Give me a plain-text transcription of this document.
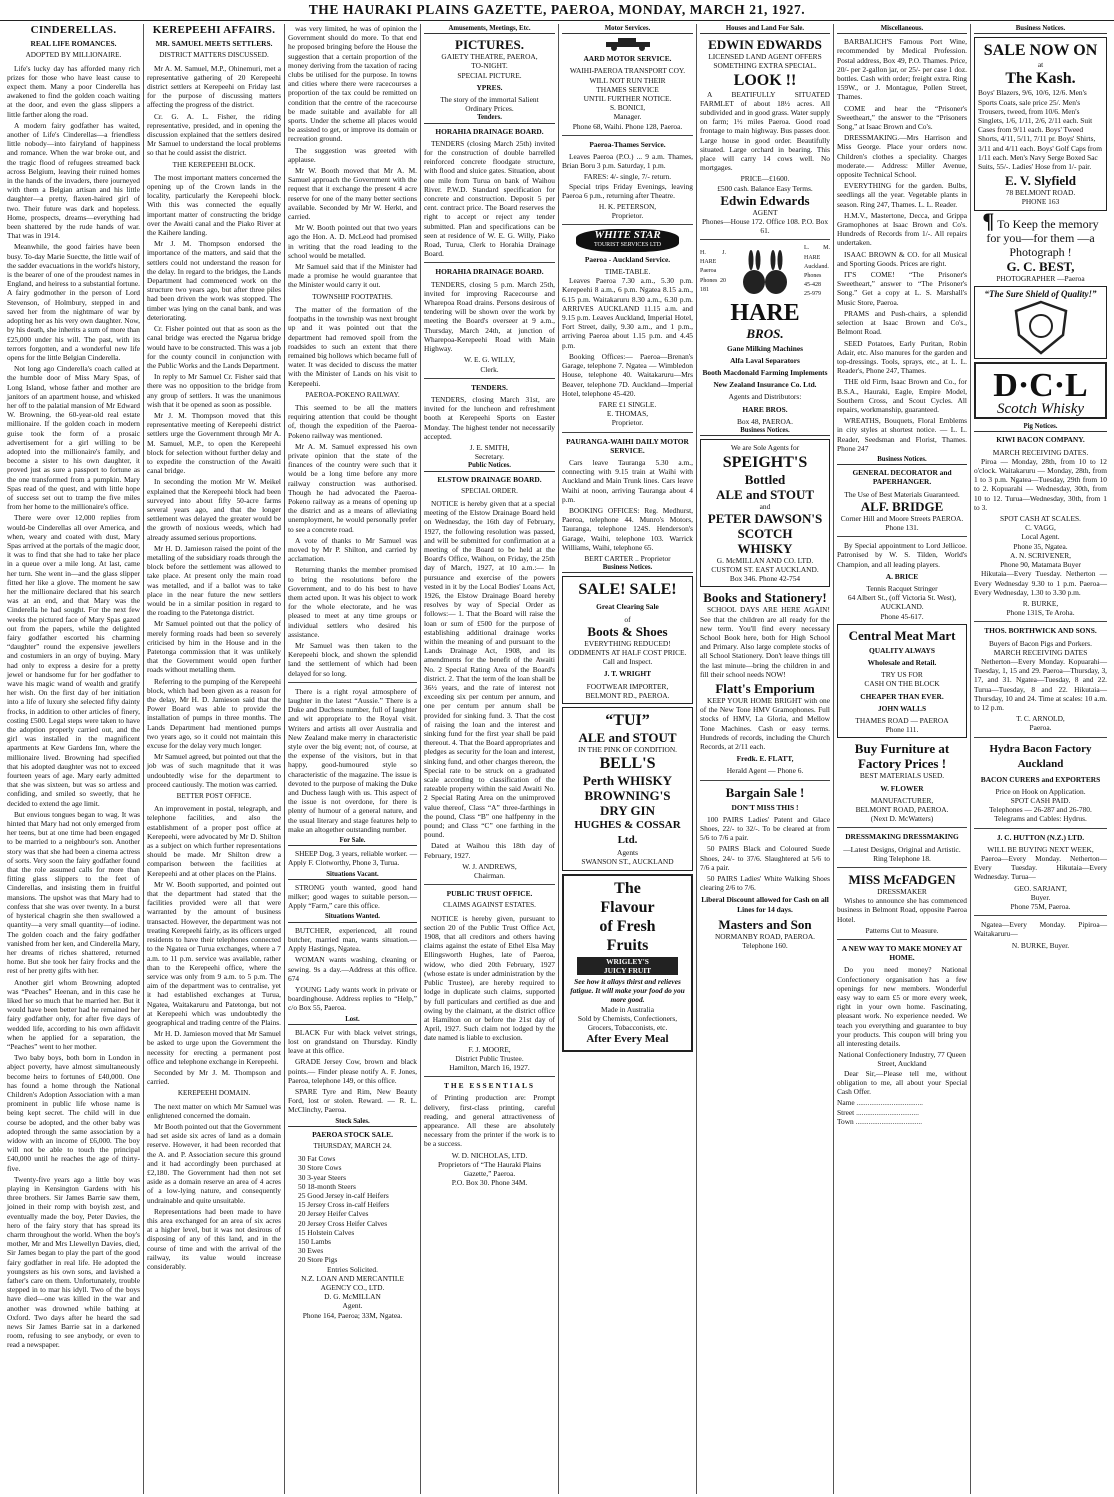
THE HAURAKI PLAINS GAZETTE, PAEROA, MONDAY, MARCH 21, 1927.
CINDERELLAS.
REAL LIFE ROMANCES.
ADOPTED BY MILLIONAIRE.

Life's lucky day has afforded many rich prizes for those who have least cause to expect them. Many a poor Cinderella has awakened to find the golden coach waiting at the door, and even the glass slippers a little farther along the road.

A modern fairy godfather has waited, another of Life's Cinderellas—a friendless little nobody—into fairyland of happiness and romance. When the war broke out, and the tragic flood of refugees streamed back across Belgium, leaving their ruined homes in the hands of the invaders, there journeyed with them a Belgian artisan and his little daughter—a pretty, flaxen-haired girl of two. Their future was dark and hopeless. Home, prospects, dreams—everything had been shattered by the rude hands of war. That was in 1914.

Meanwhile, the good fairies have been busy. To-day Marie Suectte, the little waif of the sadder evacuations in the world's history, is the bearer of one of the proudest names in England, and heiress to a substantial fortune. A fairy godmother in the person of Lord Stevenson, of Holmbury, stepped in and saved her from the nightmare of war by adopting her as his very own daughter. Now, by his death, she inherits a sum of more than £25,000 under his will. The past, with its terrors forgotten, and a wonderful new life opens for the little Belgian Cinderella.

Not long ago Cinderella's coach called at the humble door of Miss Mary Spas, of Long Island, whose father and mother are janitors of an apartment house, and whisked her off to the palatial mansion of Mr Edward W. Browning, the 60-year-old real estate millionaire. If the golden coach in modern guise took the form of a prosaic advertisement for a girl willing to be adopted into the millionaire's family, and become a sister to his own daughter, it proved just as sure a passport to fortune as the one transformed from a pumpkin. Mary Spas read of the quest, and with little hope of success set out to tramp the five miles from her home to the millionaire's office.

There were over 12,000 replies from would-be Cinderellas all over America, and when, weary and coated with dust, Mary Spas arrived at the portals of the magic door, it was to find that she had to take her place in a queue over a mile long. At last, came her turn. She went in—and the glass slipper fitted her like a glove. The moment he saw her the millionaire declared that his search was at an end, and that Mary was the Cinderella he had sought. For the next few weeks the pictured face of Mary Spas gazed out from the papers, while the delighted fairy godfather escorted his charming “daughter” round the expensive jewellers and costumiers in an orgy of buying. Mary had only to express a desire for a pretty jewel or handsome fur for her godfather to wave his magic wand of wealth and gratify her wish. On the first day of her initiation into a life of luxury she selected fifty dainty frocks, in addition to other articles of finery, costing £500. Legal steps were taken to have the adoption properly carried out, and the girl was installed in the magnificent apartments at Kew Gardens Inn, where the millionaire lived. Browning had specified that his adopted daughter was not to exceed fourteen years of age. Mary early admitted that she was sixteen, but was so artless and confiding, and smiled so sweetly, that he decided to extend the age limit.

But envious tongues began to wag. It was hinted that Mary had not only emerged from her teens, but at one time had been engaged to be married to a neighbour's son. Another story was that she had been a cinema actress of sorts. Very soon the fairy godfather found that the role assumed calls for more than fitting glass slippers to the feet of Cinderellas, and insisting them in fruitful mansions. The upshot was that Mary had to confess that she was over twenty. In a burst of hysterical chagrin she then swallowed a quantity—a very small quantity—of iodine. The golden coach and the fairy godfather vanished from her ken, and Cinderella Mary, her dreams of riches shattered, returned home. But she took her fairy frocks and the rest of her pretty gifts with her.

Another girl whom Browning adopted was “Peaches” Heenan, and in this case he liked her so much that he married her. But it would have been better had he remained her fairy godfather only, for after five days of wedded life, according to his own affidavit when he applied for a separation, the “Peaches” went to her mother.

Two baby boys, both born in London in abject poverty, have almost simultaneously become heirs to fortunes of £40,000. One has found a home through the National Children's Adoption Association with a man prominent in public life whose name is being kept secret. The child will in due course be adopted, and the other baby was adopted through the same association by a widow with an income of £6,000. The boy will not be able to touch the principal £40,000 until he reaches the age of thirty-five.

Twenty-five years ago a little boy was playing in Kensington Gardens with his three brothers. Sir James Barrie saw them, joined in their romp with boyish zest, and eventually made the boy, Peter Davies, the hero of the fairy story that has spread its charm throughout the world. When the boy's mother, Mr and Mrs Llewellyn Davies, died, Sir James began to play the part of the good fairy godfather in real life. He adopted the youngsters as his own sons, and lavished a father's care on them. Unfortunately, trouble stepped in to mar his idyll. Two of the boys have died—one was killed in the war and another was drowned while bathing at Oxford. Two days after he heard the sad news Sir James Barrie sat in a darkened room, refusing to see anybody, or even to read a newspaper.

KEREPEEHI AFFAIRS.
MR. SAMUEL MEETS SETTLERS.
DISTRICT MATTERS DISCUSSED.

Mr A. M. Samuel, M.P., Ohinemuri, met a representative gathering of 20 Kerepeehi district settlers at Kerepeehi on Friday last for the purpose of discussing matters affecting the progress of the district.

Cr. G. A. L. Fisher, the riding representative, presided, and in opening the discussion explained that the settlers desired Mr Samuel to understand the local problems so that he could assist the district.

THE KEREPEEHI BLOCK.

The most important matters concerned the opening up of the Crown lands in the locality, particularly the Kerepeehi block. With this was connected the equally important matter of constructing the bridge over the Awaiti canal and the Piako River at the Kaihere landing.

Mr J. M. Thompson endorsed the importance of the matters, and said that the settlers could not understand the reason for the delay. In regard to the bridges, the Lands Department had commenced work on the structure two years ago, but after three piles had been driven the work was stopped. The timber was lying on the canal bank, and was deteriorating.

Cr. Fisher pointed out that as soon as the canal bridge was erected the Ngarua bridge would have to be constructed. This was a job for the county council in conjunction with the Public Works and the Lands Department.

In reply to Mr Samuel Cr. Fisher said that there was no opposition to the bridge from any group of settlers. It was the unanimous wish that it be opened as soon as possible.

Mr J. M. Thompson moved that this representative meeting of Kerepeehi district settlers urge the Government through Mr A. M. Samuel, M.P., to open the Kerepeehi block for selection without further delay and to expedite the construction of the Awaiti canal bridge.

In seconding the motion Mr W. Meikel explained that the Kerepeehi block had been surveyed into about fifty 50-acre farms several years ago, and that the longer settlement was delayed the greater would be the growth of noxious weeds, which had already assumed serious proportions.

Mr H. D. Jamieson raised the point of the metalling of the subsidiary roads through the block before the settlement was allowed to take place. At present only the main road was metalled, and if a ballot was to take place in the near future the new settlers would be in a similar position in regard to the roading to the Patetonga district.

Mr Samuel pointed out that the policy of merely forming roads had been so severely criticised by him in the House and in the Patetonga commission that it was unlikely that the Government would open further roads without metalling them.

Referring to the pumping of the Kerepeehi block, which had been given as a reason for the delay, Mr H. D. Jamieson said that the Power Board was able to provide the installation of pumps in three months. The Lands Department had mentioned pumps two years ago, so it could not maintain this excuse for the delay very much longer.

Mr Samuel agreed, but pointed out that the job was of such magnitude that it was undoubtedly wise for the department to proceed cautiously. The motion was carried.

BETTER POST OFFICE.

An improvement in postal, telegraph, and telephone facilities, and also the establishment of a proper post office at Kerepeehi, were advocated by Mr D. Shilton as a subject on which further representations should be made. Mr Shilton drew a comparison between the facilities at Kerepeehi and at other places on the Plains.

Mr W. Booth supported, and pointed out that the department had stated that the facilities provided were all that were warranted by the amount of business transacted. However, the department was not treating Kerepeehi fairly, as its officers urged residents to have their telephones connected to the Ngatea or Turua exchanges, where a 7 a.m. to 11 p.m. service was available, rather than to the Kerepeehi office, where the service was only from 9 a.m. to 5 p.m. The aim of the department was to centralise, yet it had established exchanges at Turua, Ngatea, Waitakaruru and Patetonga, but not at Kerepeehi which was undoubtedly the geographical and trading centre of the Plains.

Mr H. D. Jamieson moved that Mr Samuel be asked to urge upon the Government the necessity for erecting a permanent post office and telephone exchange in Kerepeehi.

Seconded by Mr J. M. Thompson and carried.

KEREPEEHI DOMAIN.

The next matter on which Mr Samuel was enlightened concerned the domain.

Mr Booth pointed out that the Government had set aside six acres of land as a domain reserve. However, it had been recorded that the A. and P. Association secure this ground and it had accordingly been purchased at £2,180. The Government had then not set aside as a domain reserve an area of 4 acres of a low-lying nature, and consequently undrainable and quite unsuitable.

Representations had been made to have this area exchanged for an area of six acres at a higher level, but it was not desirous of disposing of any of this land, and in the course of time and with the arrival of the railway, its value would increase considerably.

was very limited, he was of opinion the Government should do more. To that end he proposed bringing before the House the suggestion that a certain proportion of the money deriving from the taxation of racing clubs be utilised for the purpose. In towns and cities where there were racecourses a proportion of the tax could be remitted on condition that the centre of the racecourse be made suitable and available for all sports. Under the scheme all places would be assisted to get, or improve its domain or recreation ground.

The suggestion was greeted with applause.

Mr W. Booth moved that Mr A. M. Samuel approach the Government with the request that it exchange the present 4 acre reserve for one of the many better sections available. Seconded by Mr W. Herkt, and carried.

Mr W. Booth pointed out that two years ago the Hon. A. D. McLeod had promised in writing that the road leading to the school would be metalled.

Mr Samuel said that if the Minister had made a promise he would guarantee that the Minister would carry it out.

TOWNSHIP FOOTPATHS.

The matter of the formation of the footpaths in the township was next brought up and it was pointed out that the department had removed spoil from the roadsides to such an extent that there remained big hollows which became full of water. It was decided to discuss the matter with the Minister of Lands on his visit to Kerepeehi.

PAEROA-POKENO RAILWAY.

This seemed to be all the matters requiring attention that could be thought of, though the expedition of the Paeroa-Pokeno railway was mentioned.

Mr A. M. Samuel expressed his own private opinion that the state of the finances of the country were such that it would be a long time before any more railway construction was authorised. Though he had advocated the Paeroa-Pokeno railway as a means of opening up the district and as a means of alleviating unemployment, he would personally prefer to see a concrete road.

A vote of thanks to Mr Samuel was moved by Mr P. Shilton, and carried by acclamation.

Returning thanks the member promised to bring the resolutions before the Government, and to do his best to have them acted upon. It was his object to work for the whole electorate, and he was pleased to meet at any time groups or individual settlers who desired his assistance.

Mr Samuel was then taken to the Kerepeehi block, and shown the splendid land the settlement of which had been delayed for so long.

There is a right royal atmosphere of laughter in the latest “Aussie.” There is a Duke and Duchess number, full of laughter and wit appropriate to the Royal visit. Writers and artists all over Australia and New Zealand make merry in characteristic style over the big event; not, of course, at the expense of the visitors, but in that happy, good-humoured style so characteristic of the magazine. The issue is devoted to the purpose of making the Duke and Duchess laugh with us. This aspect of the issue is not overdone, for there is plenty of humour of a general nature, and the usual literary and stage features help to make an altogether outstanding number.

For Sale.

SHEEP Dog, 3 years, reliable worker. — Apply F. Clotworthy, Phone 3, Turua.

Situations Vacant.

STRONG youth wanted, good hand milker; good wages to suitable person.—Apply “Farm,” care this office.

Situations Wanted.

BUTCHER, experienced, all round butcher, married man, wants situation.—Apply Hastings, Ngatea.

WOMAN wants washing, cleaning or sewing. 9s a day.—Address at this office. 674

YOUNG Lady wants work in private or boardinghouse. Address replies to “Help,” c/o Box 55, Paeroa.

Lost.

BLACK Fur with black velvet strings, lost on grandstand on Thursday. Kindly leave at this office.

GRADE Jersey Cow, brown and black points.— Finder please notify A. F. Jones, Paeroa, telephone 149, or this office.

SPARE Tyre and Rim, New Beauty Ford, lost or stolen. Reward. — R. L. McClinchy, Paeroa.

Stock Sales.
PAEROA STOCK SALE.
THURSDAY, MARCH 24.
30 Fat Cows
30 Store Cows
30 3-year Steers
50 18-month Steers
25 Good Jersey in-calf Heifers
15 Jersey Cross in-calf Heifers
20 Jersey Heifer Calves
20 Jersey Cross Heifer Calves
15 Holstein Calves
150 Lambs
30 Ewes
20 Store Pigs
Entries Solicited.
N.Z. LOAN AND MERCANTILE AGENCY CO., LTD.
D. G. McMILLAN
Agent.
Phone 164, Paeroa; 33M, Ngatea.
Amusements, Meetings, Etc.
PICTURES.
GAIETY THEATRE, PAEROA,
TO-NIGHT.
SPECIAL PICTURE.
YPRES.
The story of the immortal Salient
Ordinary Prices.
Tenders.
HORAHIA DRAINAGE BOARD.

TENDERS (closing March 25th) invited for the construction of double barrelled reinforced concrete floodgate structure, with flood and sluice gates. Situation, about one mile from Turua on bank of Waihou River. P.W.D. Standard specification for concrete and construction. Deposit 5 per cent. contract price. The Board reserves the right to accept or reject any tender submitted. Plan and specifications can be seen at residence of W. E. G. Willy, Piako Road, Turua, Clerk to Horahia Drainage Board.

HORAHIA DRAINAGE BOARD.

TENDERS, closing 5 p.m. March 25th, invited for improving Racecourse and Wharepoa Road drains. Persons desirous of tendering will be shown over the work by meeting the Board's overseer at 9 a.m., Thursday, March 24th, at junction of Wharepoa-Kerepeehi Road with Main Highway.

W. E. G. WILLY,
Clerk.
TENDERS.

TENDERS, closing March 31st, are invited for the luncheon and refreshment booth at Kerepeehi Sports on Easter Monday. The highest tender not necessarily accepted.

J. E. SMITH,
Secretary.
Public Notices.
ELSTOW DRAINAGE BOARD.
SPECIAL ORDER.

NOTICE is hereby given that at a special meeting of the Elstow Drainage Board held on Wednesday, the 16th day of February, 1927, the following resolution was passed, and will be submitted for confirmation at a meeting of the Board to be held at the Board's Office, Waihou, on Friday, the 25th day of March, 1927, at 10 a.m.:— In pursuance and exercise of the powers vested in it by the Local Bodies' Loans Act, 1926, the Elstow Drainage Board hereby resolves by way of Special Order as follows:— 1. That the Board will raise the loan or sum of £500 for the purpose of establishing additional drainage works within the meaning of and pursuant to the Lands Drainage Act, 1908, and its amendments for the benefit of the Awaiti No. 2 Special Rating Area of the Board's district. 2. That the term of the loan shall be 36½ years, and the rate of interest not exceeding six per centum per annum, and one per centum per annum shall be provided for sinking fund. 3. That the cost of raising the loan and the interest and sinking fund for the first year shall be paid thereout. 4. That the Board appropriates and pledges as security for the loan and interest, sinking fund, and other charges thereon, the Special rate to be struck on a graduated scale according to classification of the rateable property within the said Awaiti No. 2 Special Rating Area on the unimproved value thereof, Class “A” three-farthings in the pound, Class “B” one halfpenny in the pound; and Class “C” one farthing in the pound.

Dated at Waihou this 18th day of February, 1927.

W. J. ANDREWS,
Chairman.
PUBLIC TRUST OFFICE.
CLAIMS AGAINST ESTATES.

NOTICE is hereby given, pursuant to section 20 of the Public Trust Office Act, 1908, that all creditors and others having claims against the estate of Ethel Elsa May Ellingsworth Hughes, late of Paeroa, widow, who died 20th February, 1927 (whose estate is under administration by the Public Trustee), are hereby required to lodge in duplicate such claims, supported by full particulars and certified as due and owing by the claimant, at the district office at Hamilton on or before the 21st day of April, 1927. Such claim not lodged by the date named is liable to exclusion.

F. J. MOORE,
District Public Trustee.
Hamilton, March 16, 1927.
THE ESSENTIALS

of Printing production are: Prompt delivery, first-class printing, careful reading, and general attractiveness of appearance. All these are absolutely necessary from the printer if the work is to be a success.

W. D. NICHOLAS, LTD.
Proprietors of “The Hauraki Plains Gazette,” Paeroa.
P.O. Box 30. Phone 34M.
Motor Services.
AARD MOTOR SERVICE.
WAIHI-PAEROA TRANSPORT COY.
WILL NOT RUN THEIR
THAMES SERVICE
UNTIL FURTHER NOTICE.
S. BONICI,
Manager.
Phone 68, Waihi. Phone 128, Paeroa.
Paeroa-Thames Service.

Leaves Paeroa (P.O.) ... 9 a.m. Thames, Brian Boru 3 p.m. Saturday, 1 p.m.

FARES: 4/- single, 7/- return.

Special trips Friday Evenings, leaving Paeroa 6 p.m., returning after Theatre.

H. K. PETERSON,
Proprietor.
WHITE STAR
TOURIST SERVICES LTD
Paeroa - Auckland Service.
TIME-TABLE.

Leaves Paeroa 7.30 a.m., 5.30 p.m. Kerepeehi 8 a.m., 6 p.m. Ngatea 8.15 a.m., 6.15 p.m. Waitakaruru 8.30 a.m., 6.30 p.m. ARRIVES AUCKLAND 11.15 a.m. and 9.15 p.m. Leaves Auckland, Imperial Hotel, Fort Street, daily, 9.30 a.m., and 1 p.m., arriving Paeroa about 1.15 p.m. and 4.45 p.m.

Booking Offices:— Paeroa—Brenan's Garage, telephone 7. Ngatea — Wimbledon House, telephone 40. Waitakaruru—Mrs Beaver, telephone 7D. Auckland—Imperial Hotel, telephone 45-420.

FARE £1 SINGLE.
E. THOMAS,
Proprietor.
PAURANGA-WAIHI DAILY MOTOR SERVICE.

Cars leave Tauranga 5.30 a.m., connecting with 9.15 train at Waihi with Auckland and Main Trunk lines. Cars leave Waihi at noon, arriving Tauranga about 4 p.m.

BOOKING OFFICES: Reg. Medhurst, Paeroa, telephone 44. Munro's Motors, Tauranga, telephone 124S. Henderson's Garage, Waihi, telephone 103. Warrick Williams, Waihi, telephone 65.

BERT CARTER .. Proprietor
Business Notices.
SALE! SALE!
Great Clearing Sale
of
Boots & Shoes
EVERYTHING REDUCED!
ODDMENTS AT HALF COST PRICE.
Call and Inspect.
J. T. WRIGHT
FOOTWEAR IMPORTER,
BELMONT RD., PAEROA.
“TUI”
ALE and STOUT
IN THE PINK OF CONDITION.
BELL'S
Perth WHISKY
BROWNING'S
DRY GIN
HUGHES & COSSAR Ltd.
Agents
SWANSON ST., AUCKLAND
The
Flavour
of Fresh
Fruits
WRIGLEY'S
JUICY FRUIT
See how it allays thirst and relieves fatigue. It will make your food do you more good.
Made in Australia
Sold by Chemists, Confectioners, Grocers, Tobacconists, etc.
After Every Meal
Houses and Land For Sale.
EDWIN EDWARDS
LICENSED LAND AGENT OFFERS SOMETHING EXTRA SPECIAL.
LOOK !!

A BEATIFULLY SITUATED FARMLET of about 18½ acres. All subdivided and in good grass. Water supply on farm; 1½ miles Paeroa. Good road frontage to main highway. Bus passes door. Large house in good order. Beautifully situated. Large orchard in bearing. This place will carry 14 cows well. No mortgages.

PRICE—£1600.
£500 cash. Balance Easy Terms.
Edwin Edwards
AGENT
Phones—House 172. Office 108. P.O. Box 61.
H. J. HARE Paeroa Phones 20 181
L. M. HARE Auckland. Phones 45-428 25-979
HARE
BROS.
Gane Milking Machines
Alfa Laval Separators
Booth Macdonald Farming Implements
New Zealand Insurance Co. Ltd.
Agents and Distributors:
HARE BROS.
Box 48, PAEROA.
Business Notices.
We are Sole Agents for
SPEIGHT'S
Bottled
ALE and STOUT
and
PETER DAWSON'S
SCOTCH
WHISKY
G. McMILLAN AND CO. LTD.
CUSTOM ST. EAST AUCKLAND.
Box 346. Phone 42-754
Books and Stationery!

SCHOOL DAYS ARE HERE AGAIN! See that the children are all ready for the new term. You'll find every necessary School Book here, both for High School and Primary. Also large complete stocks of all School Stationery. Don't leave things till the last minute—bring the children in and fill their school needs NOW!

Flatt's Emporium

KEEP YOUR HOME BRIGHT with one of the New Tone HMV Gramophones. Full stocks of HMV, La Gloria, and Mellow Tone Machines. Cash or easy terms. Hundreds of records, including the Church Records, at 2/11 each.

Fredk. E. FLATT,
Herald Agent — Phone 6.
Bargain Sale !
DON'T MISS THIS !

100 PAIRS Ladies' Patent and Glace Shoes, 22/- to 32/-. To be cleared at from 5/6 to 7/6 a pair.

50 PAIRS Black and Coloured Suede Shoes, 24/- to 37/6. Slaughtered at 5/6 to 7/6 a pair.

50 PAIRS Ladies' White Walking Shoes clearing 2/6 to 7/6.

Liberal Discount allowed for Cash on all Lines for 14 days.
Masters and Son
NORMANBY ROAD, PAEROA.
Telephone 160.
Miscellaneous.

BARBALICH'S Famous Port Wine, recommended by Medical Profession. Postal address, Box 49, P.O. Thames. Price, 20/- per 2-gallon jar, or 25/- per case 1 doz. bottles. Cash with order; freight extra. Ring 159W., or J. Montague, Pollen Street, Thames.

COME and hear the “Prisoner's Sweetheart,” the answer to the “Prisoners Song,” at Isaac Brown and Co's.

DRESSMAKING.—Mrs Harrison and Miss George. Place your orders now. Children's clothes a speciality. Charges moderate.— Address: Miller Avenue, opposite Technical School.

EVERYTHING for the garden. Bulbs, seedlings all the year. Vegetable plants in season. Ring 247, Thames. L. L. Reader.

H.M.V., Mastertone, Decca, and Grippa Gramophones at Isaac Brown and Co's. Hundreds of Records from 1/-. All repairs undertaken.

ISAAC BROWN & CO. for all Musical and Sporting Goods. Prices are right.

IT'S COME! “The Prisoner's Sweetheart,” answer to “The Prisoner's Song.” Get a copy at L. S. Marshall's Music Store, Paeroa.

PRAMS and Push-chairs, a splendid selection at Isaac Brown and Co's., Belmont Road.

SEED Potatoes, Early Puritan, Robin Adair, etc. Also manures for the garden and top-dressings. Tools, sprays, etc., at L. L. Reader's, Phone 247, Thames.

THE old Firm, Isaac Brown and Co., for B.S.A., Hauraki, Eagle, Empire Model, Southern Cross, and Scout Cycles. All repairs, workmanship, guaranteed.

WREATHS, Bouquets, Floral Emblems in city styles at shortest notice. — L. L. Reader, Seedsman and Florist, Thames. Phone 247

Business Notices.
GENERAL DECORATOR and PAPERHANGER.
The Use of Best Materials Guaranteed.
ALF. BRIDGE
Corner Hill and Moore Streets PAEROA.
Phone 131.

By Special appointment to Lord Jellicoe. Patronised by W. S. Tilden, World's Champion, and all leading players.

A. BRICE
Tennis Racquet Stringer
64 Albert St., (off Victoria St. West), AUCKLAND.
Phone 45-617.
Central Meat Mart
QUALITY ALWAYS
Wholesale and Retail.
TRY US FOR
CASH ON THE BLOCK
CHEAPER THAN EVER.
JOHN WALLS
THAMES ROAD — PAEROA
Phone 111.
Buy Furniture at Factory Prices !
BEST MATERIALS USED.
W. FLOWER
MANUFACTURER,
BELMONT ROAD, PAEROA.
(Next D. McWatters)
DRESSMAKING DRESSMAKING
—Latest Designs, Original and Artistic.
Ring Telephone 18.
MISS McFADGEN
DRESSMAKER

Wishes to announce she has commenced business in Belmont Road, opposite Paeroa Hotel.

Patterns Cut to Measure.
A NEW WAY TO MAKE MONEY AT HOME.

Do you need money? National Confectionery organisation has a few openings for new members. Wonderful easy way to earn £5 or more every week, right in your own home. Fascinating, pleasant work. No experience needed. We teach you everything and guarantee to buy your products. This coupon will bring you all interesting details.

National Confectionery Industry, 77 Queen Street, Auckland

Dear Sir,—Please tell me, without obligation to me, all about your Special Cash Offer.

Name ....................................
Street ..................................
Town ....................................
Business Notices.
SALE NOW ON
at
The Kash.

Boys' Blazers, 9/6, 10/6, 12/6. Men's Sports Coats, sale price 25/. Men's Trousers, tweed, from 10/6. Men's Singlets, 1/6, 1/11, 2/6, 2/11 each. Suit Cases from 9/11 each. Boys' Tweed Shorts, 4/11, 5/11, 7/11 pr. Boys' Shirts, 3/11 and 4/11 each. Boys' Golf Caps from 1/11 each. Men's Navy Serge Boxed Sac Suits, 55/-. Ladies' Hose from 1/- pair.

E. V. Slyfield
78 BELMONT ROAD.
PHONE 163
¶ To Keep the memory for you—for them —a Photograph !
G. C. BEST,
PHOTOGRAPHER —Paeroa
“The Sure Shield of Quality!”
D·C·L
Scotch Whisky
Pig Notices.
KIWI BACON COMPANY.
MARCH RECEIVING DATES.

Piroa — Monday, 28th, from 10 to 12 o'clock. Waitakaruru — Monday, 28th, from 1 to 3 p.m. Ngatea—Tuesday, 29th from 10 to 2. Kopuarahi — Wednesday, 30th, from 10 to 12. Turua—Wednesday, 30th, from 1 to 3.

SPOT CASH AT SCALES.
C. VAGG,
Local Agent.
Phone 35, Ngatea.
A. N. SCRIVENER,
Phone 90, Matamata Buyer

Hikutaia—Every Tuesday. Netherton — Every Wednesday 9.30 to 1 p.m. Paeroa—Every Wednesday, 1.30 to 3.30 p.m.

R. BURKE,
Phone 131S, Te Aroha.
THOS. BORTHWICK AND SONS.
Buyers of Bacon Pigs and Porkers.
MARCH RECEIVING DATES

Netherton—Every Monday. Kopuarahi—Tuesday, 1, 15 and 29. Paeroa—Thursday, 3, 17, and 31. Ngatea—Tuesday, 8 and 22. Turua—Tuesday, 8 and 22. Hikutaia—Thursday, 10 and 24. Time at scales: 10 a.m. to 12 p.m.

T. C. ARNOLD,
Paeroa.
Hydra Bacon Factory Auckland
BACON CURERS and EXPORTERS
Price on Hook on Application.
SPOT CASH PAID.
Telephones — 26-287 and 26-780. Telegrams and Cables: Hydrus.
J. C. HUTTON (N.Z.) LTD.
WILL BE BUYING NEXT WEEK,

Paeroa—Every Monday. Netherton—Every Tuesday. Hikutaia—Every Wednesday. Turua—

GEO. SARJANT,
Buyer.
Phone 75M, Paeroa.

Ngatea—Every Monday. Pipiroa— Waitakaruru—

N. BURKE, Buyer.
